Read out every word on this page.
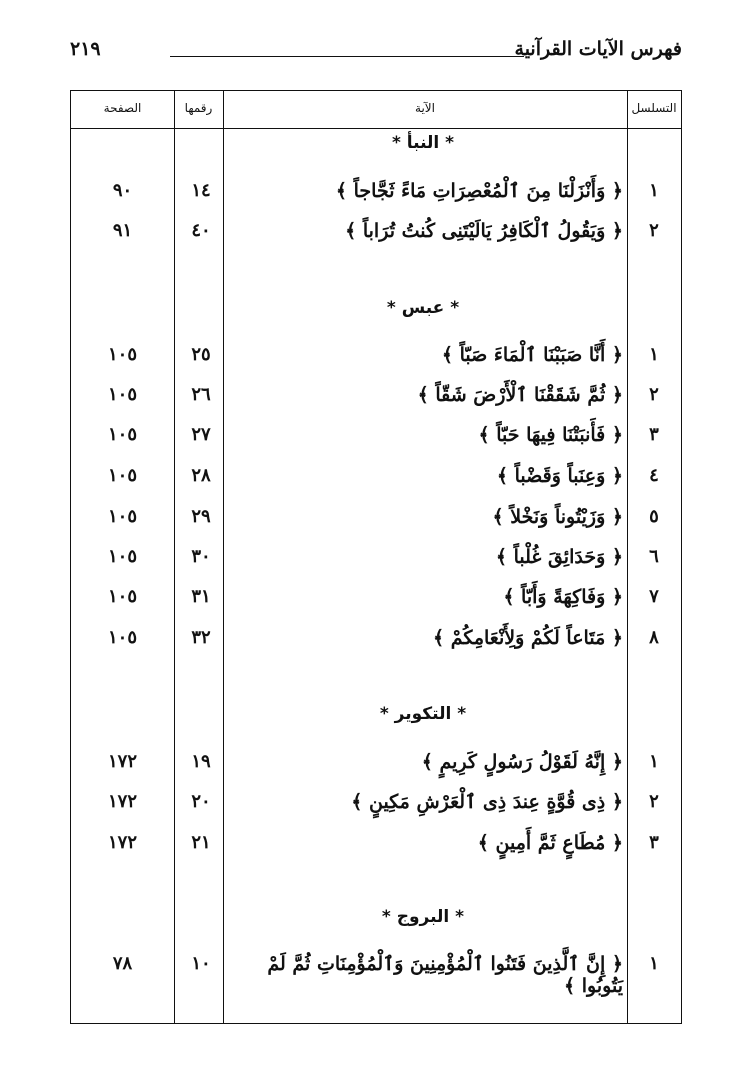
فهرس الآيات القرآنية
٢١٩
التسلسل
الآية
رقمها
الصفحة
* النبأ *
١
﴿ وَأَنْزَلْنَا مِنَ ٱلْمُعْصِرَاتِ مَاءً ثَجَّاجاً ﴾
١٤
٩٠
٢
﴿ وَيَقُولُ ٱلْكَافِرُ يَالَيْتَنِى كُنتُ تُرَاباً ﴾
٤٠
٩١
* عبس *
١
﴿ أَنَّا صَبَبْنَا ٱلْمَاءَ صَبّاً ﴾
٢٥
١٠٥
٢
﴿ ثُمَّ شَقَقْنَا ٱلْأَرْضَ شَقّاً ﴾
٢٦
١٠٥
٣
﴿ فَأَنبَتْنَا فِيهَا حَبّاً ﴾
٢٧
١٠٥
٤
﴿ وَعِنَباً وَقَضْباً ﴾
٢٨
١٠٥
٥
﴿ وَزَيْتُوناً وَنَخْلاً ﴾
٢٩
١٠٥
٦
﴿ وَحَدَائِقَ غُلْباً ﴾
٣٠
١٠٥
٧
﴿ وَفَاكِهَةً وَأَبّاً ﴾
٣١
١٠٥
٨
﴿ مَتَاعاً لَكُمْ وَلِأَنْعَامِكُمْ ﴾
٣٢
١٠٥
* التكوير *
١
﴿ إِنَّهُ لَقَوْلُ رَسُولٍ كَرِيمٍ ﴾
١٩
١٧٢
٢
﴿ ذِى قُوَّةٍ عِندَ ذِى ٱلْعَرْشِ مَكِينٍ ﴾
٢٠
١٧٢
٣
﴿ مُطَاعٍ ثَمَّ أَمِينٍ ﴾
٢١
١٧٢
* البروج *
١
﴿ إِنَّ ٱلَّذِينَ فَتَنُوا ٱلْمُؤْمِنِينَ وَٱلْمُؤْمِنَاتِ ثُمَّ لَمْ يَتُوبُوا ﴾
١٠
٧٨
